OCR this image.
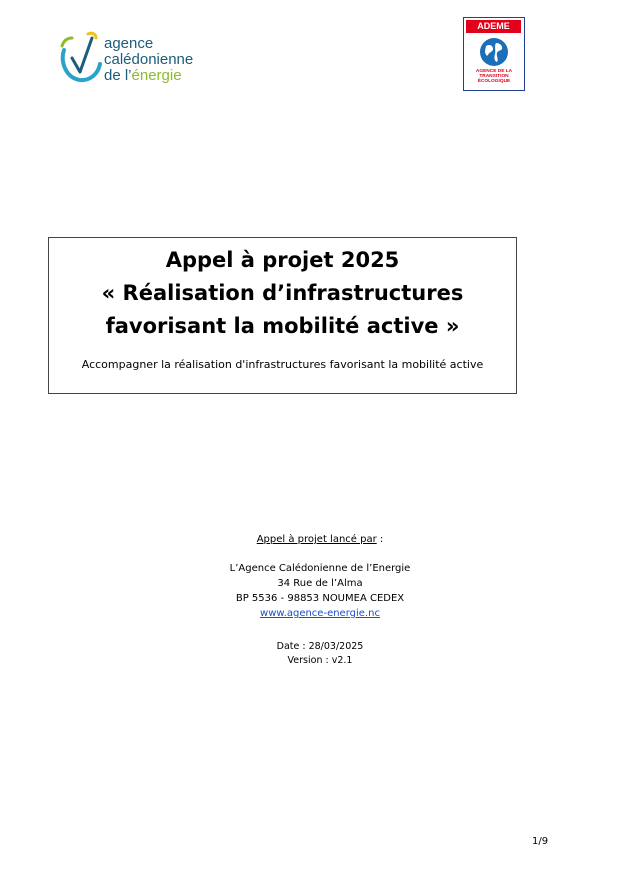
agence
calédonienne
de l’énergie
ADEME
AGENCE DE LA TRANSITION ÉCOLOGIQUE
Appel à projet 2025
« Réalisation d’infrastructures
favorisant la mobilité active »
Accompagner la réalisation d'infrastructures favorisant la mobilité active
Appel à projet lancé par :
L’Agence Calédonienne de l’Energie
34 Rue de l’Alma
BP 5536 - 98853 NOUMEA CEDEX
www.agence-energie.nc
Date : 28/03/2025
Version : v2.1
1/9
